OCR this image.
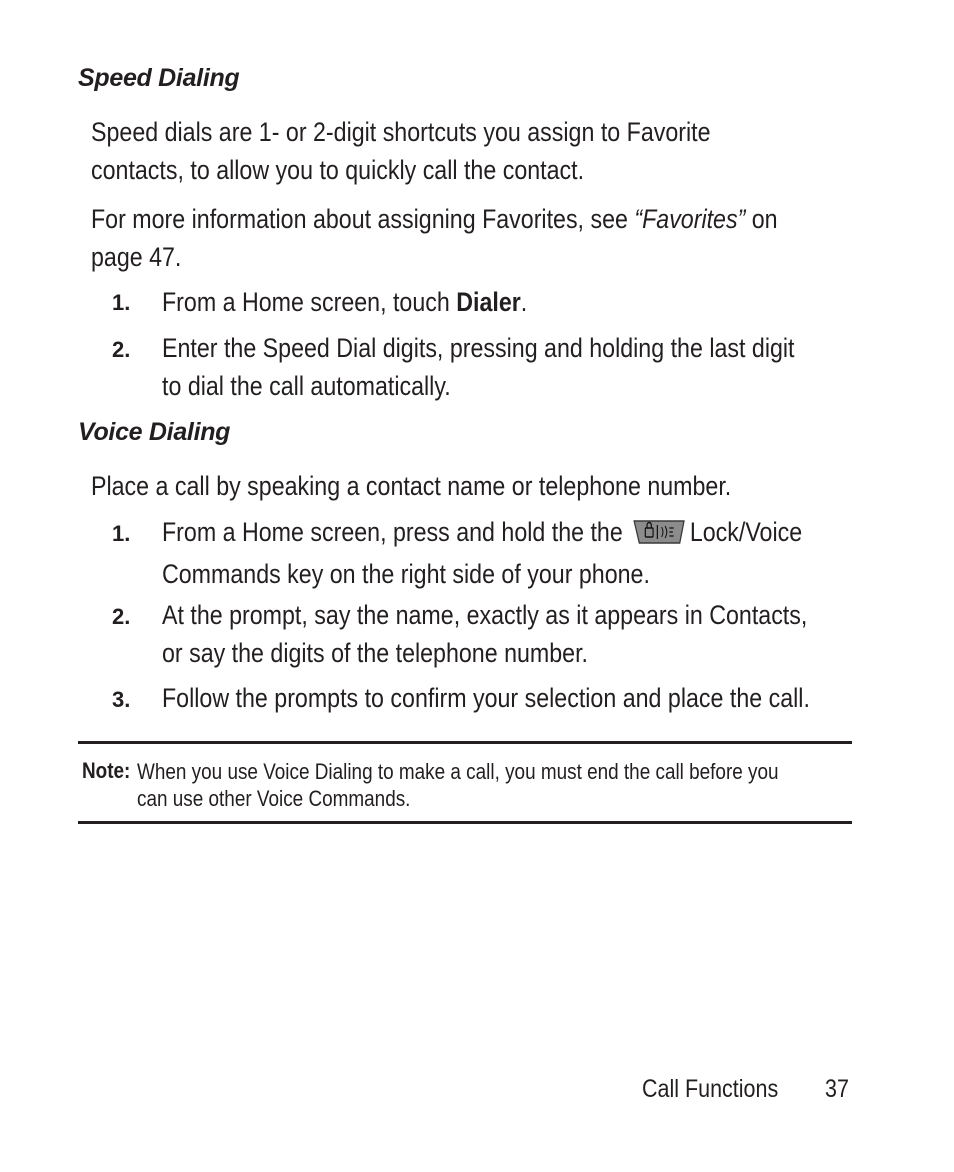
Speed Dialing
Speed dials are 1- or 2-digit shortcuts you assign to Favorite
contacts, to allow you to quickly call the contact.
For more information about assigning Favorites, see “Favorites” on
page 47.
1. From a Home screen, touch Dialer.
2. Enter the Speed Dial digits, pressing and holding the last digit
to dial the call automatically.
Voice Dialing
Place a call by speaking a contact name or telephone number.
1. From a Home screen, press and hold the the Lock/Voice
Commands key on the right side of your phone.
2. At the prompt, say the name, exactly as it appears in Contacts,
or say the digits of the telephone number.
3. Follow the prompts to confirm your selection and place the call.
Note: When you use Voice Dialing to make a call, you must end the call before you
can use other Voice Commands.
Call Functions	37
